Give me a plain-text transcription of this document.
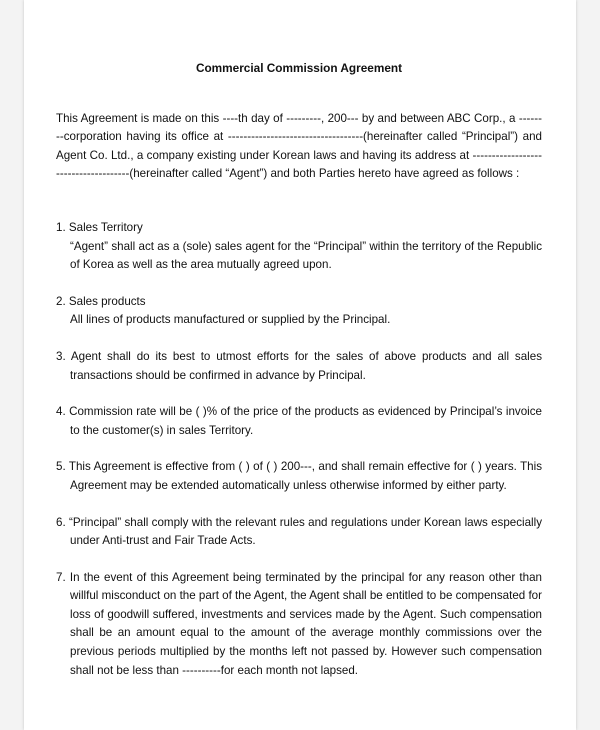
Commercial Commission Agreement

This Agreement is made on this ----th day of ---------, 200--- by and between ABC Corp., a --------corporation having its office at -----------------------------------(hereinafter called “Principal”) and Agent Co. Ltd., a company existing under Korean laws and having its address at -------------------------------------(hereinafter called “Agent”) and both Parties hereto have agreed as follows :

1. Sales Territory

“Agent” shall act as a (sole) sales agent for the “Principal” within the territory of the Republic of Korea as well as the area mutually agreed upon.

2. Sales products

All lines of products manufactured or supplied by the Principal.

3. Agent shall do its best to utmost efforts for the sales of above products and all sales transactions should be confirmed in advance by Principal.

4. Commission rate will be ( )% of the price of the products as evidenced by Principal’s invoice to the customer(s) in sales Territory.

5. This Agreement is effective from ( ) of ( ) 200---, and shall remain effective for ( ) years. This Agreement may be extended automatically unless otherwise informed by either party.

6. “Principal” shall comply with the relevant rules and regulations under Korean laws especially under Anti-trust and Fair Trade Acts.

7. In the event of this Agreement being terminated by the principal for any reason other than willful misconduct on the part of the Agent, the Agent shall be entitled to be compensated for loss of goodwill suffered, investments and services made by the Agent. Such compensation shall be an amount equal to the amount of the average monthly commissions over the previous periods multiplied by the months left not passed by. However such compensation shall not be less than ----------for each month not lapsed.
